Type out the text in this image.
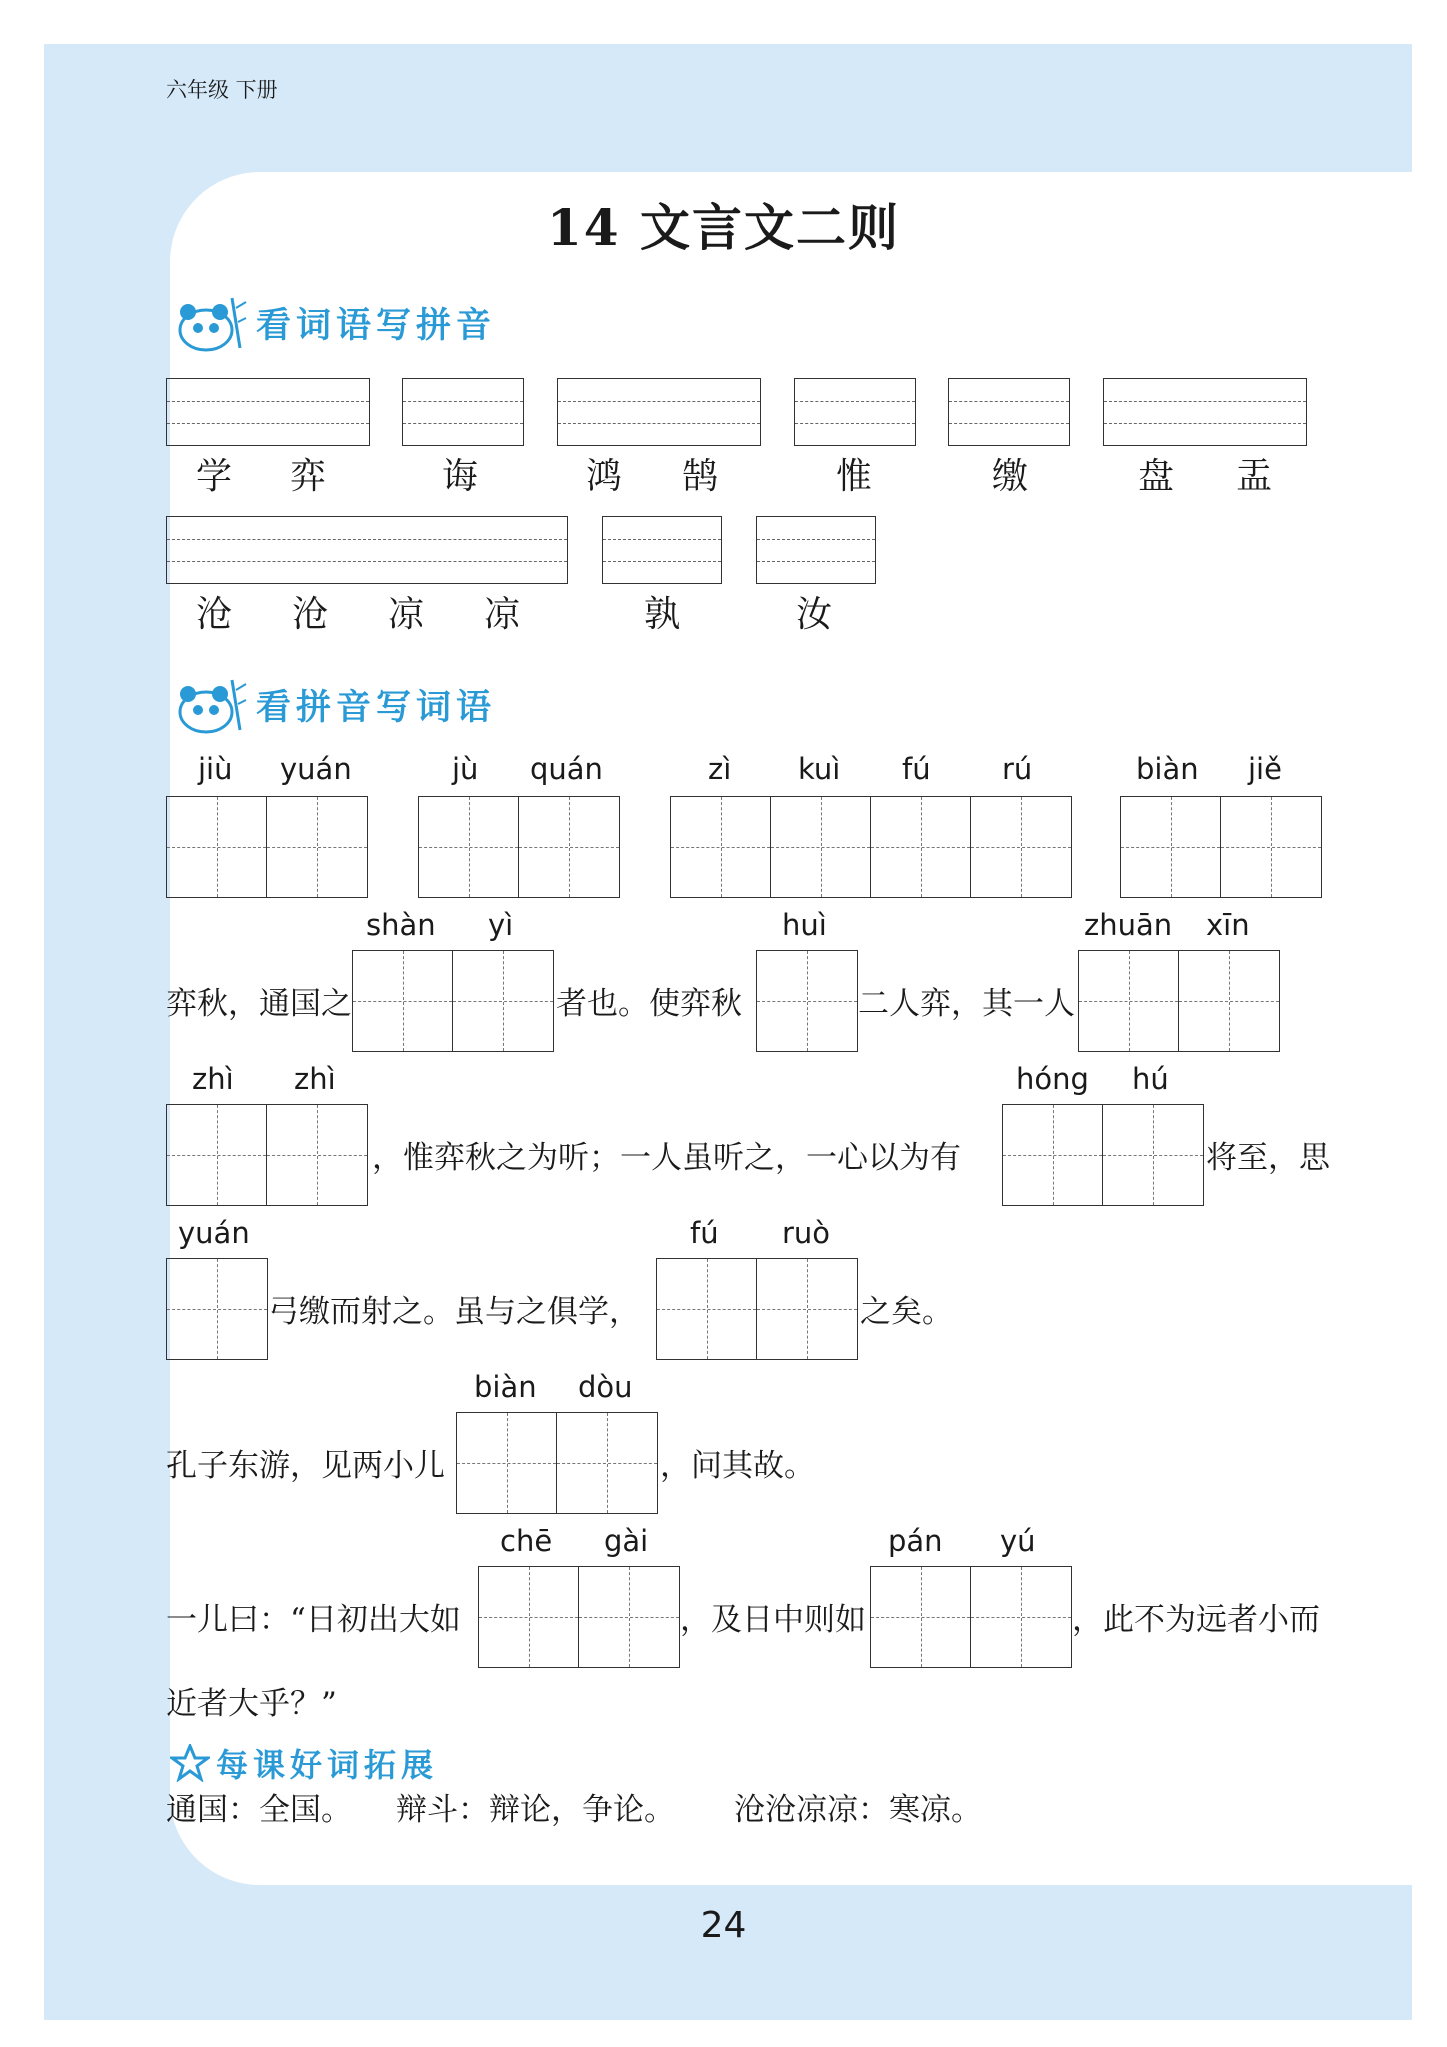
六年级 下册
14 文言文二则
看词语写拼音
学 弈	诲	鸿 鹄	惟	缴	盘 盂
沧 沧 凉 凉	孰	汝
看拼音写词语
jiù yuán	jù quán	zì kuì fú rú	biàn jiě
shàn yì	huì	zhuān xīn
弈秋，通国之	者也。使弈秋	二人弈，其一人
zhì zhì	hóng hú
，惟弈秋之为听；一人虽听之，一心以为有	将至，思
yuán	fú ruò
弓缴而射之。虽与之俱学，	之矣。
biàn dòu
孔子东游，见两小儿	，问其故。
chē gài	pán yú
一儿曰：“日初出大如	，及日中则如	，此不为远者小而
近者大乎？”
每课好词拓展
通国：全国。 辩斗：辩论，争论。 沧沧凉凉：寒凉。
24
